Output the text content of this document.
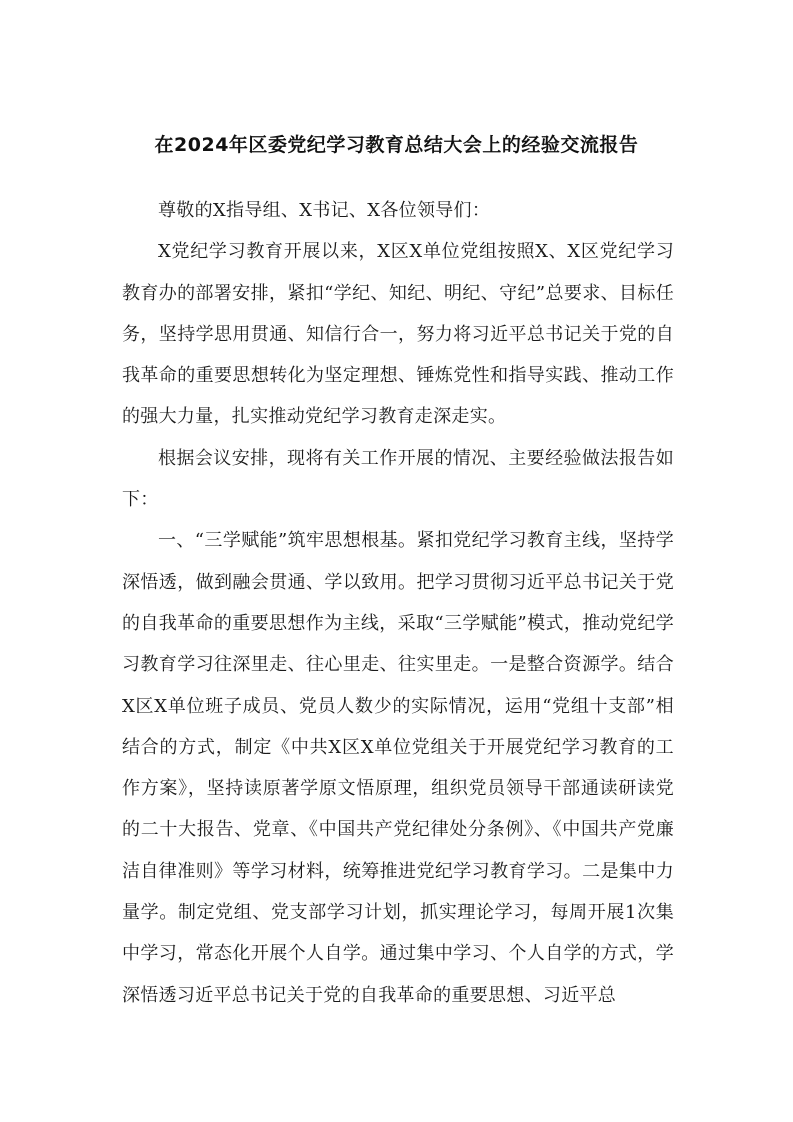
在2024年区委党纪学习教育总结大会上的经验交流报告

尊敬的X指导组、X书记、X各位领导们：

X党纪学习教育开展以来，X区X单位党组按照X、X区党纪学习教育办的部署安排，紧扣“学纪、知纪、明纪、守纪”总要求、目标任务，坚持学思用贯通、知信行合一，努力将习近平总书记关于党的自我革命的重要思想转化为坚定理想、锤炼党性和指导实践、推动工作的强大力量，扎实推动党纪学习教育走深走实。

根据会议安排，现将有关工作开展的情况、主要经验做法报告如下：

一、“三学赋能”筑牢思想根基。紧扣党纪学习教育主线，坚持学深悟透，做到融会贯通、学以致用。把学习贯彻习近平总书记关于党的自我革命的重要思想作为主线，采取“三学赋能”模式，推动党纪学习教育学习往深里走、往心里走、往实里走。一是整合资源学。结合X区X单位班子成员、党员人数少的实际情况，运用“党组十支部”相结合的方式，制定《中共X区X单位党组关于开展党纪学习教育的工作方案》，坚持读原著学原文悟原理，组织党员领导干部通读研读党的二十大报告、党章、《中国共产党纪律处分条例》、《中国共产党廉洁自律准则》等学习材料，统筹推进党纪学习教育学习。二是集中力量学。制定党组、党支部学习计划，抓实理论学习，每周开展1次集中学习，常态化开展个人自学。通过集中学习、个人自学的方式，学深悟透习近平总书记关于党的自我革命的重要思想、习近平总
